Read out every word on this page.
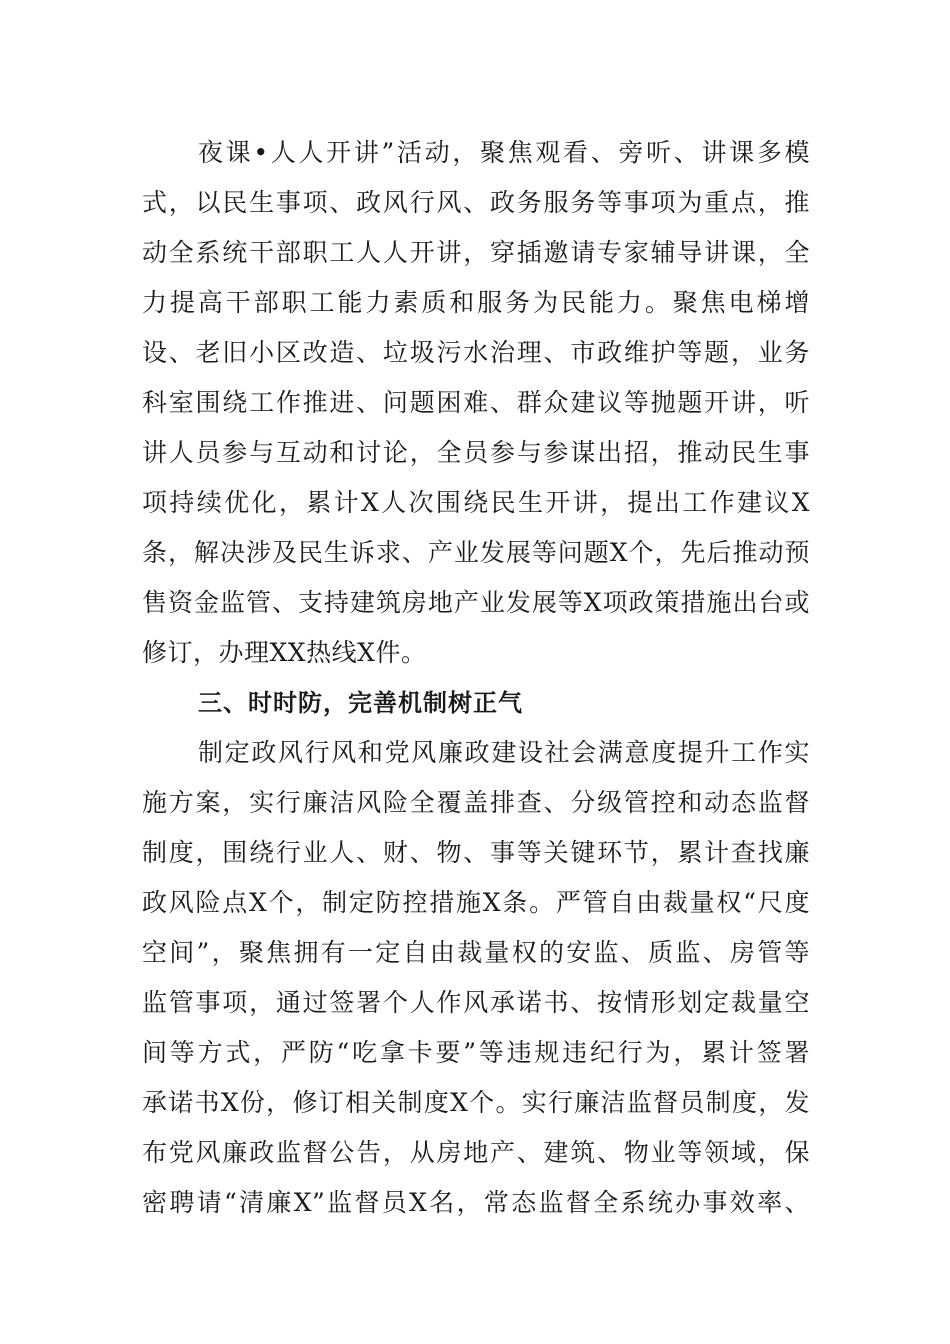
夜课•人人开讲”活动，聚焦观看、旁听、讲课多模
式，以民生事项、政风行风、政务服务等事项为重点，推
动全系统干部职工人人开讲，穿插邀请专家辅导讲课，全
力提高干部职工能力素质和服务为民能力。聚焦电梯增
设、老旧小区改造、垃圾污水治理、市政维护等题，业务
科室围绕工作推进、问题困难、群众建议等抛题开讲，听
讲人员参与互动和讨论，全员参与参谋出招，推动民生事
项持续优化，累计X人次围绕民生开讲，提出工作建议X
条，解决涉及民生诉求、产业发展等问题X个，先后推动预
售资金监管、支持建筑房地产业发展等X项政策措施出台或
修订，办理XX热线X件。
三、时时防，完善机制树正气
制定政风行风和党风廉政建设社会满意度提升工作实
施方案，实行廉洁风险全覆盖排查、分级管控和动态监督
制度，围绕行业人、财、物、事等关键环节，累计查找廉
政风险点X个，制定防控措施X条。严管自由裁量权“尺度
空间”，聚焦拥有一定自由裁量权的安监、质监、房管等
监管事项，通过签署个人作风承诺书、按情形划定裁量空
间等方式，严防“吃拿卡要”等违规违纪行为，累计签署
承诺书X份，修订相关制度X个。实行廉洁监督员制度，发
布党风廉政监督公告，从房地产、建筑、物业等领域，保
密聘请“清廉X”监督员X名，常态监督全系统办事效率、
